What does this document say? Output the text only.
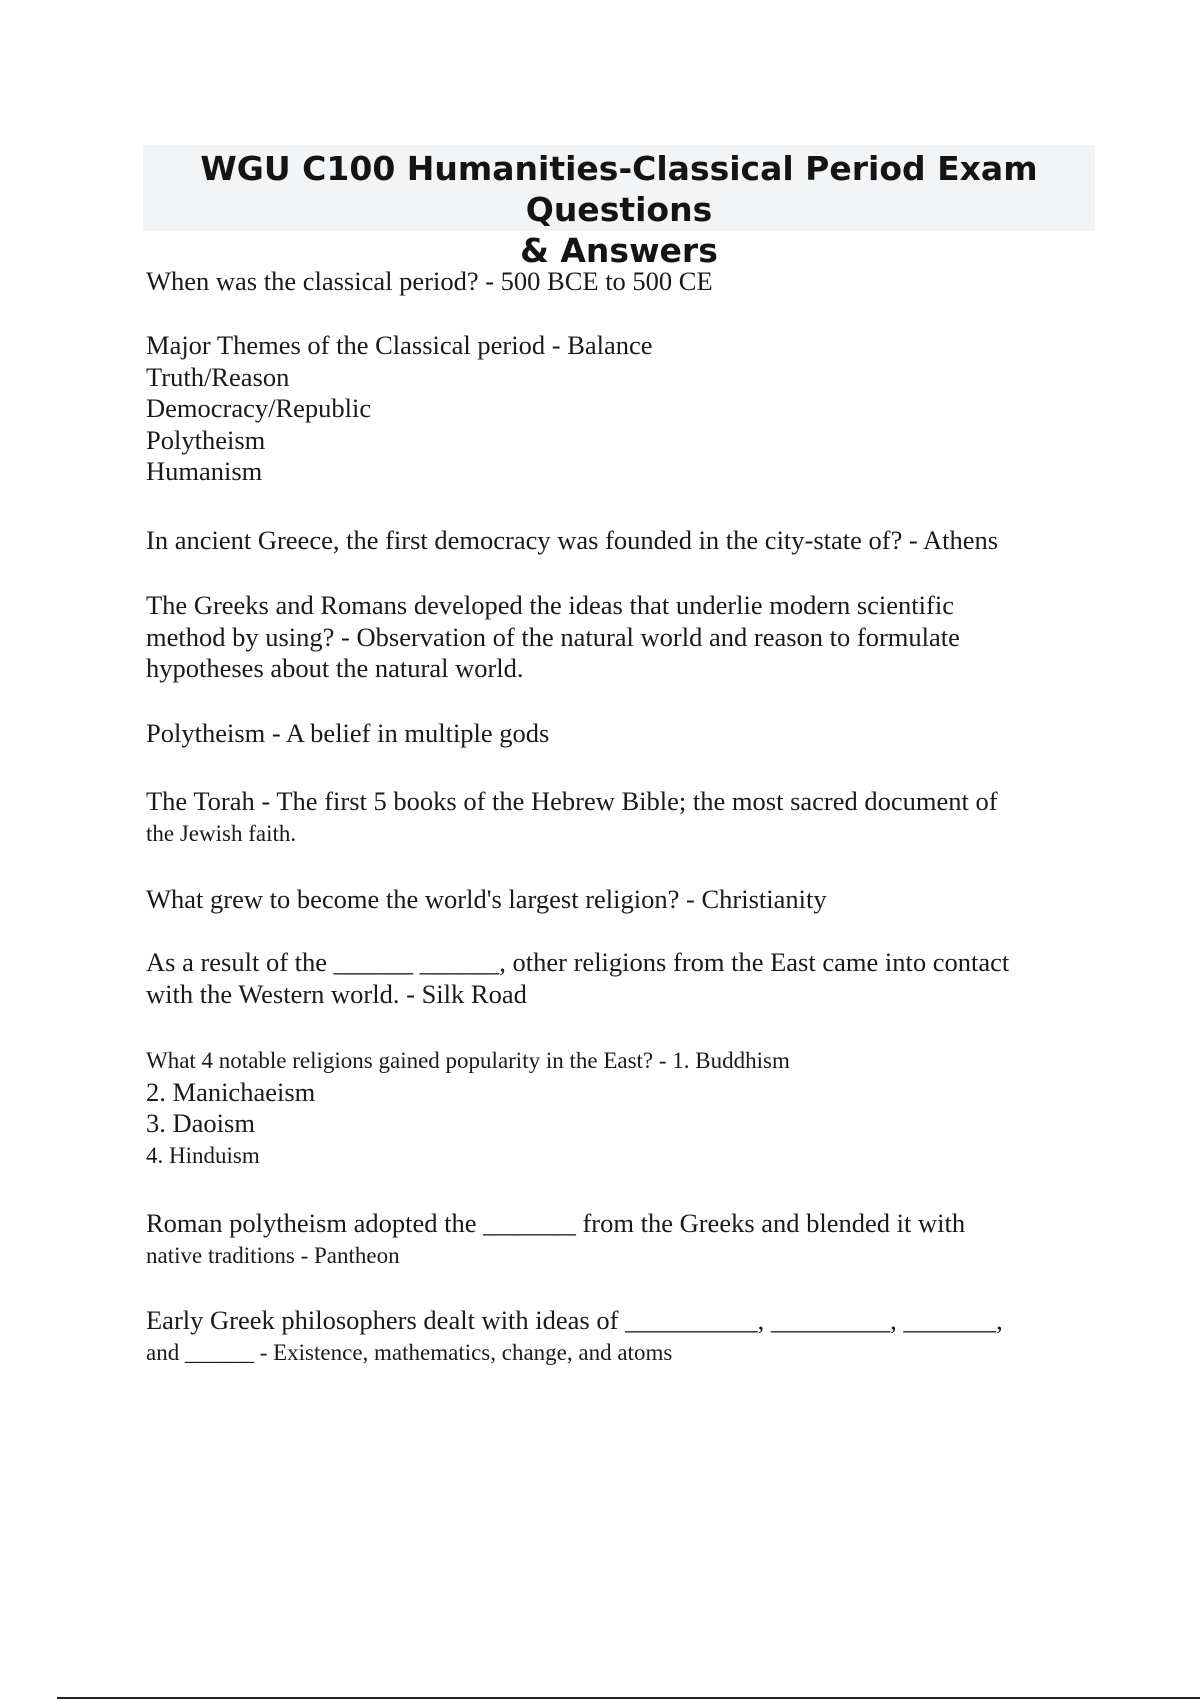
WGU C100 Humanities-Classical Period Exam Questions
& Answers

When was the classical period? - 500 BCE to 500 CE

Major Themes of the Classical period - Balance
Truth/Reason
Democracy/Republic
Polytheism
Humanism

In ancient Greece, the first democracy was founded in the city-state of? - Athens

The Greeks and Romans developed the ideas that underlie modern scientific
method by using? - Observation of the natural world and reason to formulate
hypotheses about the natural world.

Polytheism - A belief in multiple gods

The Torah - The first 5 books of the Hebrew Bible; the most sacred document of
the Jewish faith.

What grew to become the world's largest religion? - Christianity

As a result of the ______ ______, other religions from the East came into contact
with the Western world. - Silk Road

What 4 notable religions gained popularity in the East? - 1. Buddhism
2. Manichaeism
3. Daoism
4. Hinduism

Roman polytheism adopted the _______ from the Greeks and blended it with
native traditions - Pantheon

Early Greek philosophers dealt with ideas of __________, _________, _______,
and ______ - Existence, mathematics, change, and atoms
